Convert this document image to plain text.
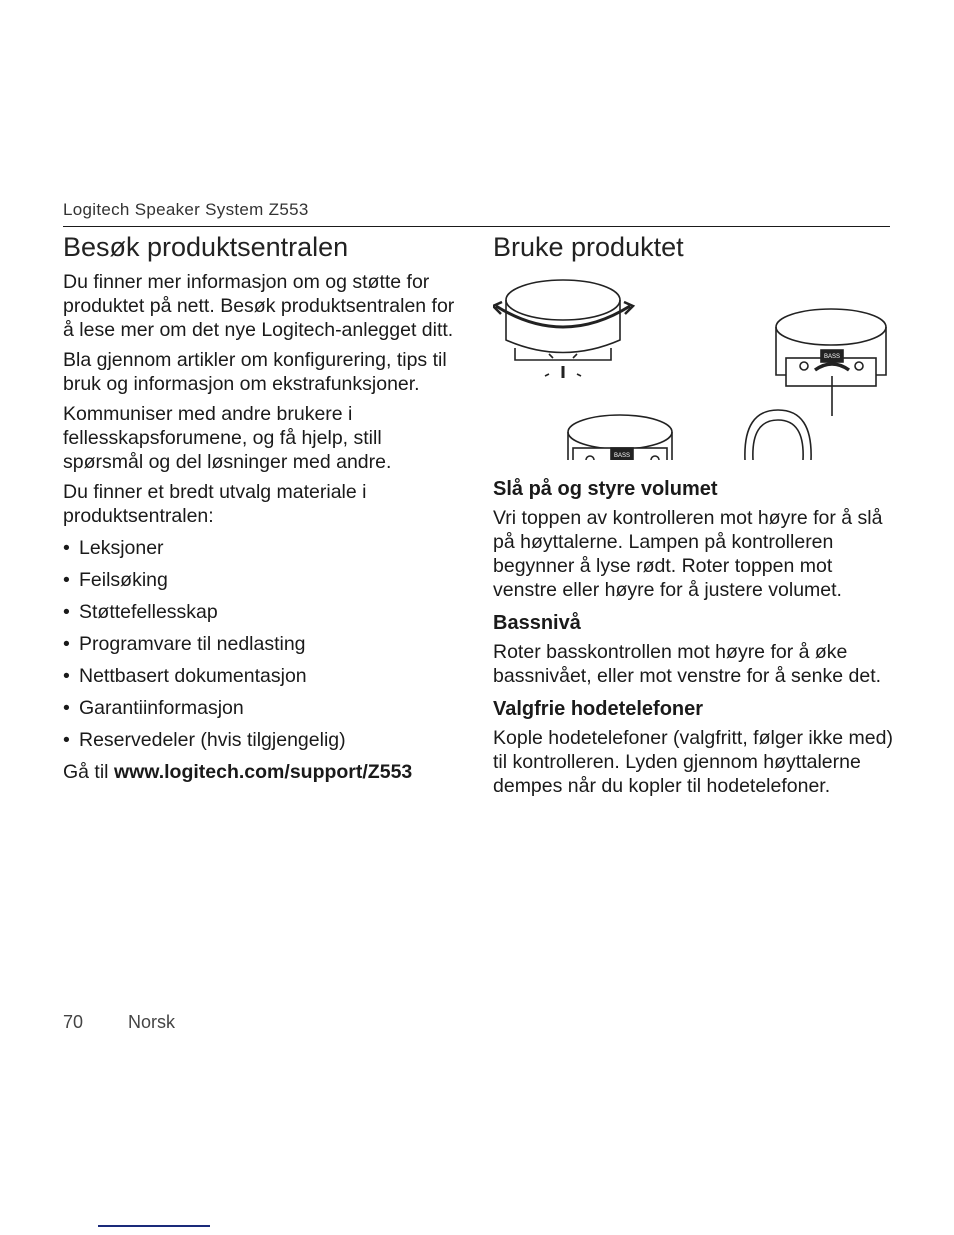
Logitech Speaker System Z553
Besøk produktsentralen

Du finner mer informasjon om og støtte for produktet på nett. Besøk produktsentralen for å lese mer om det nye Logitech-anlegget ditt.

Bla gjennom artikler om konfigurering, tips til bruk og informasjon om ekstrafunksjoner.

Kommuniser med andre brukere i fellesskapsforumene, og få hjelp, still spørsmål og del løsninger med andre.

Du finner et bredt utvalg materiale i produktsentralen:

• Leksjoner
• Feilsøking
• Støttefellesskap
• Programvare til nedlasting
• Nettbasert dokumentasjon
• Garantiinformasjon
• Reservedeler (hvis tilgjengelig)

Gå til www.logitech.com/support/Z553

Bruke produktet
BASS
BASS
Slå på og styre volumet

Vri toppen av kontrolleren mot høyre for å slå på høyttalerne. Lampen på kontrolleren begynner å lyse rødt. Roter toppen mot venstre eller høyre for å justere volumet.

Bassnivå

Roter basskontrollen mot høyre for å øke bassnivået, eller mot venstre for å senke det.

Valgfrie hodetelefoner

Kople hodetelefoner (valgfritt, følger ikke med) til kontrolleren. Lyden gjennom høyttalerne dempes når du kopler til hodetelefoner.

70 Norsk
